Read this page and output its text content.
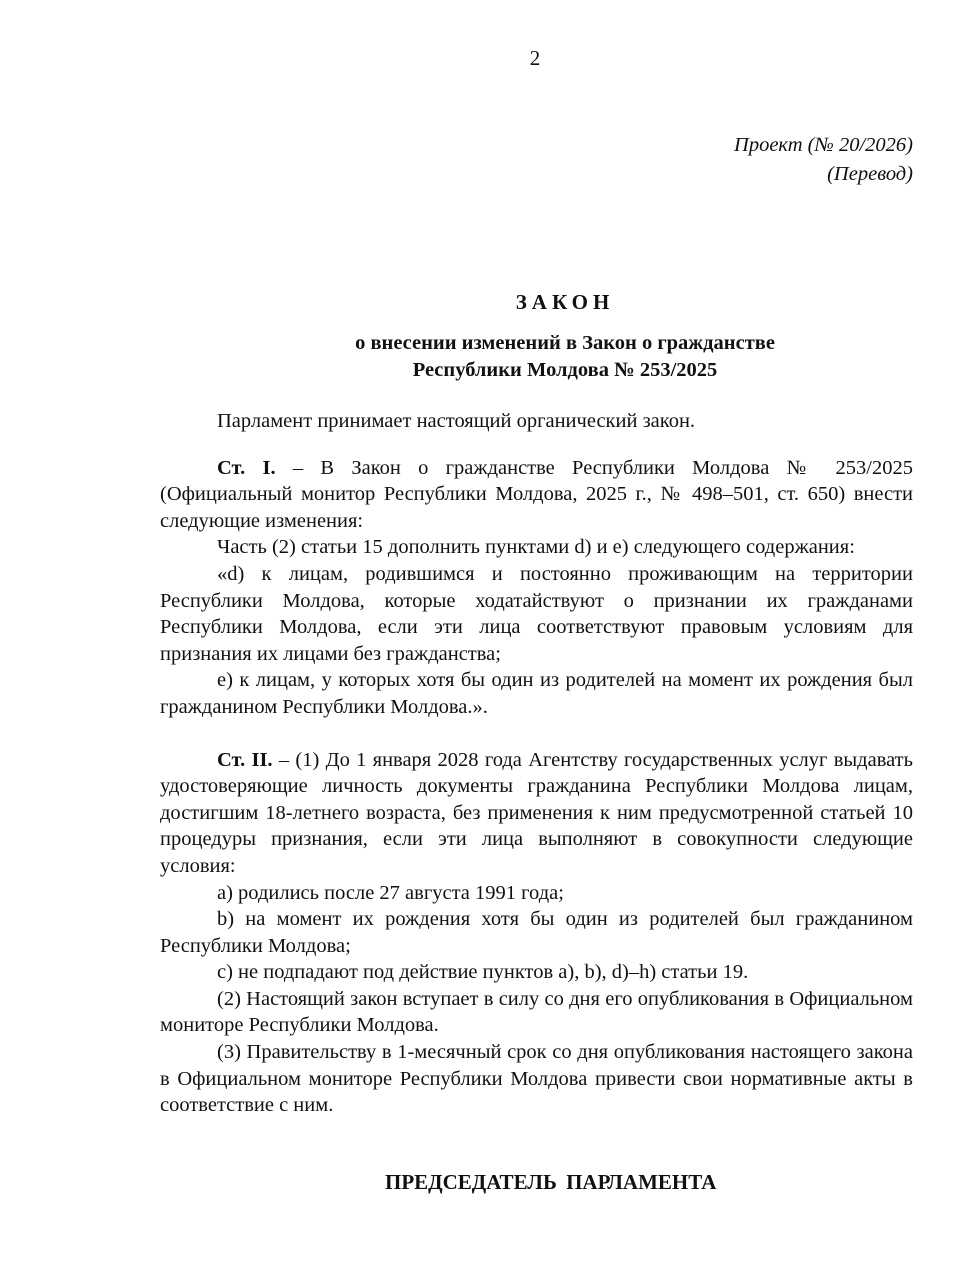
2
Проект (№ 20/2026)
(Перевод)
ЗАКОН
о внесении изменений в Закон о гражданстве
Республики Молдова № 253/2025

Парламент принимает настоящий органический закон.

Ст. I. – В Закон о гражданстве Республики Молдова № 253/2025 (Официальный монитор Республики Молдова, 2025 г., № 498–501, ст. 650) внести следующие изменения:

Часть (2) статьи 15 дополнить пунктами d) и e) следующего содержания:

«d) к лицам, родившимся и постоянно проживающим на территории Республики Молдова, которые ходатайствуют о признании их гражданами Республики Молдова, если эти лица соответствуют правовым условиям для признания их лицами без гражданства;

е) к лицам, у которых хотя бы один из родителей на момент их рождения был гражданином Республики Молдова.».

Ст. II. – (1) До 1 января 2028 года Агентству государственных услуг выдавать удостоверяющие личность документы гражданина Республики Молдова лицам, достигшим 18-летнего возраста, без применения к ним предусмотренной статьей 10 процедуры признания, если эти лица выполняют в совокупности следующие условия:

a) родились после 27 августа 1991 года;

b) на момент их рождения хотя бы один из родителей был гражданином Республики Молдова;

c) не подпадают под действие пунктов a), b), d)–h) статьи 19.

(2) Настоящий закон вступает в силу со дня его опубликования в Официальном мониторе Республики Молдова.

(3) Правительству в 1-месячный срок со дня опубликования настоящего закона в Официальном мониторе Республики Молдова привести свои нормативные акты в соответствие с ним.

ПРЕДСЕДАТЕЛЬ ПАРЛАМЕНТА
